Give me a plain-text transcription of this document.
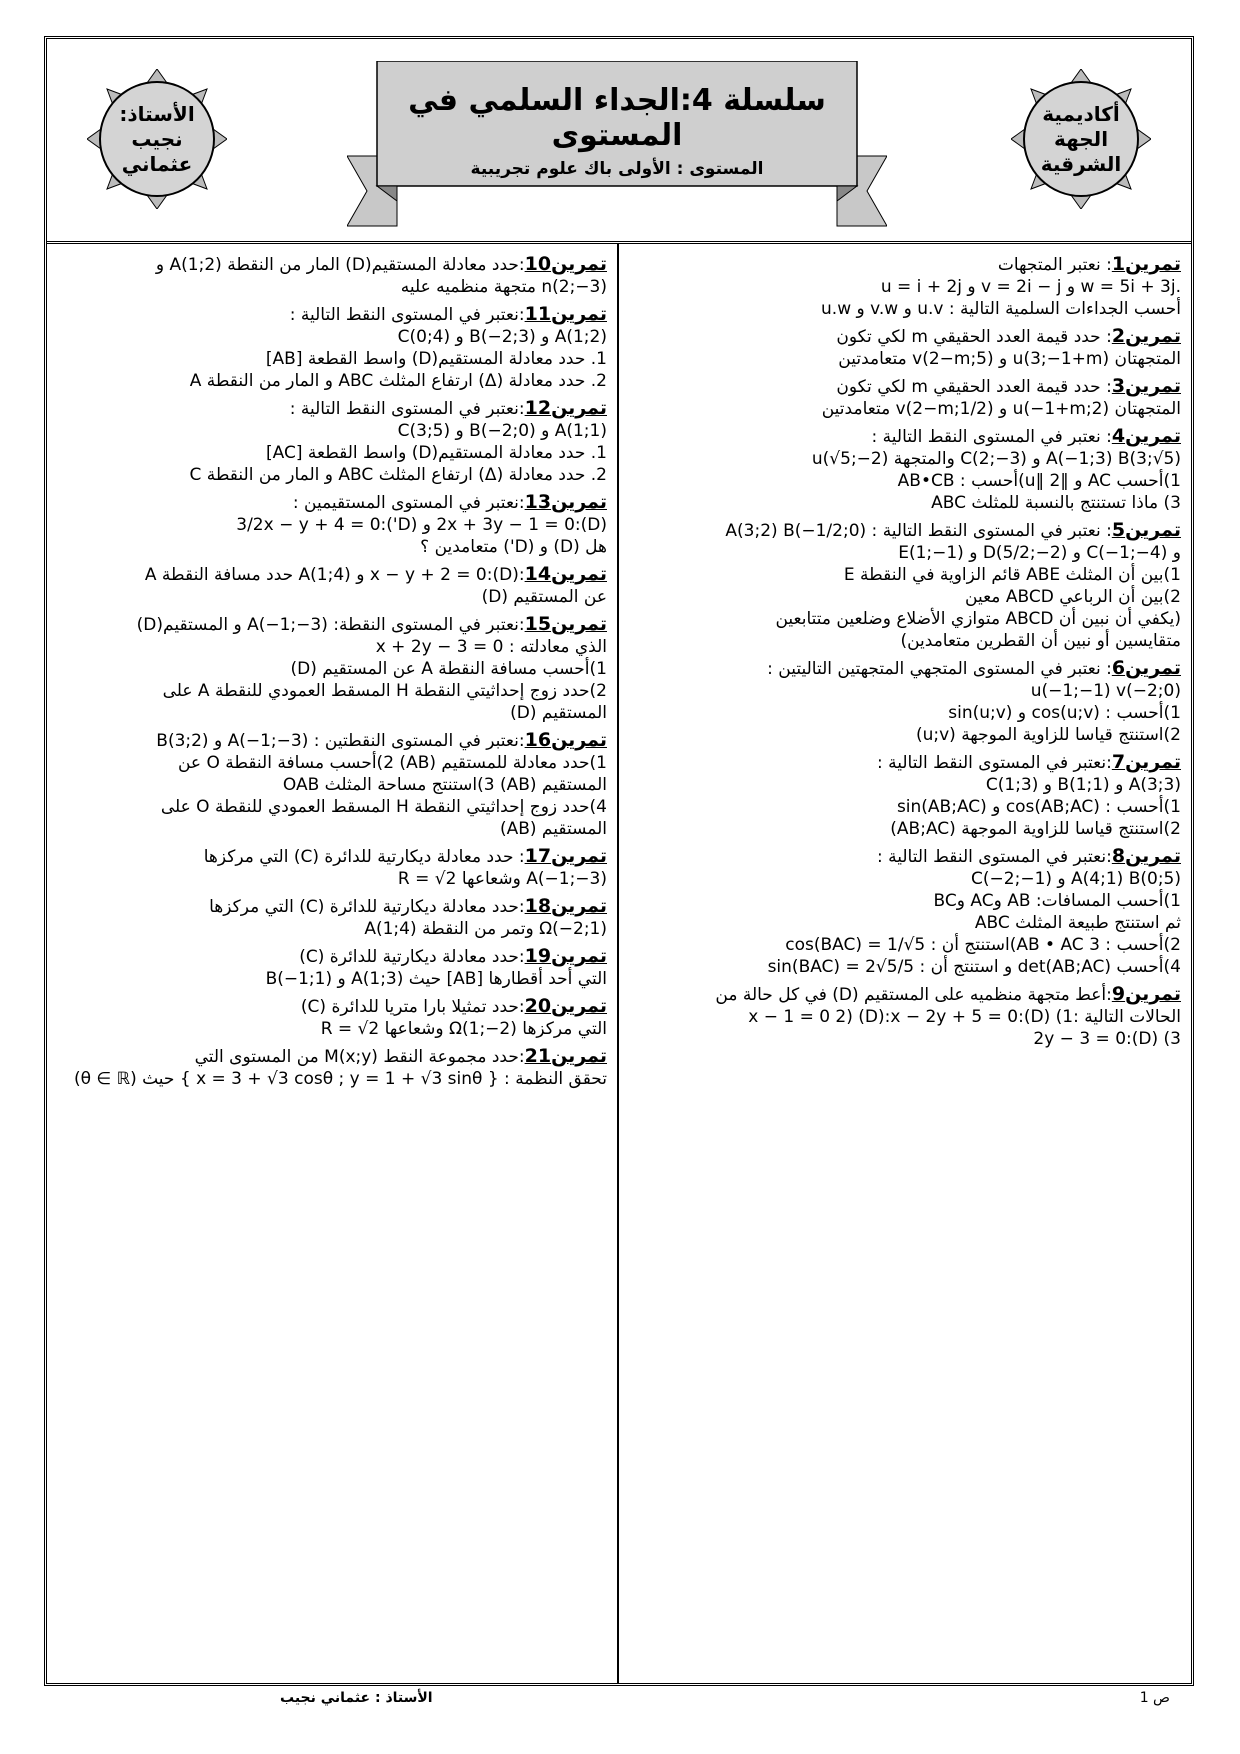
أكاديمية الجهة الشرقية
الأستاذ:
نجيب
عثماني
سلسلة 4:الجداء السلمي في المستوى
المستوى : الأولى باك علوم تجريبية
تمرين1: نعتبر المتجهات
.w = 5i + 3j و v = 2i − j و u = i + 2j
أحسب الجداءات السلمية التالية : u.v و v.w و u.w
تمرين2: حدد قيمة العدد الحقيقي m لكي تكون
المتجهتان u(3;−1+m) و v(2−m;5) متعامدتين
تمرين3: حدد قيمة العدد الحقيقي m لكي تكون
المتجهتان u(−1+m;2) و v(2−m;1/2) متعامدتين
تمرين4: نعتبر في المستوى النقط التالية :
A(−1;3) B(3;√5) و C(2;−3) والمتجهة u(√5;−2)
1)أحسب AC و ‖u‖ 2)أحسب : AB•CB
3) ماذا تستنتج بالنسبة للمثلث ABC
تمرين5: نعتبر في المستوى النقط التالية : A(3;2) B(−1/2;0)
و C(−1;−4) و D(5/2;−2) و E(1;−1)
1)بين أن المثلث ABE قائم الزاوية في النقطة E
2)بين أن الرباعي ABCD معين
(يكفي أن نبين أن ABCD متوازي الأضلاع وضلعين متتابعين
متقايسين أو نبين أن القطرين متعامدين)
تمرين6: نعتبر في المستوى المتجهي المتجهتين التاليتين :
u(−1;−1) v(−2;0)
1)أحسب : cos(u;v) و sin(u;v)
2)استنتج قياسا للزاوية الموجهة (u;v)
تمرين7:نعتبر في المستوى النقط التالية :
A(3;3) و B(1;1) و C(1;3)
1)أحسب : cos(AB;AC) و sin(AB;AC)
2)استنتج قياسا للزاوية الموجهة (AB;AC)
تمرين8:نعتبر في المستوى النقط التالية :
A(4;1) B(0;5) و C(−2;−1)
1)أحسب المسافات: AB وAC وBC
ثم استنتج طبيعة المثلث ABC
2)أحسب : AB • AC 3)استنتج أن : cos(BAC) = 1/√5
4)أحسب det(AB;AC) و استنتج أن : sin(BAC) = 2√5/5
تمرين9:أعط متجهة منظميه على المستقيم (D) في كل حالة من
الحالات التالية :1) (D):x − 1 = 0 2) (D):x − 2y + 5 = 0
3) (D):2y − 3 = 0
تمرين10:حدد معادلة المستقيم(D) المار من النقطة A(1;2) و
n(2;−3) متجهة منظميه عليه
تمرين11:نعتبر في المستوى النقط التالية :
A(1;2) و B(−2;3) و C(0;4)
1. حدد معادلة المستقيم(D) واسط القطعة [AB]
2. حدد معادلة (Δ) ارتفاع المثلث ABC و المار من النقطة A
تمرين12:نعتبر في المستوى النقط التالية :
A(1;1) و B(−2;0) و C(3;5)
1. حدد معادلة المستقيم(D) واسط القطعة [AC]
2. حدد معادلة (Δ) ارتفاع المثلث ABC و المار من النقطة C
تمرين13:نعتبر في المستوى المستقيمين :
(D):2x + 3y − 1 = 0 و (D'):3/2x − y + 4 = 0
هل (D) و (D') متعامدين ؟
تمرين14:(D):x − y + 2 = 0 و A(1;4) حدد مسافة النقطة A
عن المستقيم (D)
تمرين15:نعتبر في المستوى النقطة: A(−1;−3) و المستقيم(D)
الذي معادلته : x + 2y − 3 = 0
1)أحسب مسافة النقطة A عن المستقيم (D)
2)حدد زوج إحداثيتي النقطة H المسقط العمودي للنقطة A على
المستقيم (D)
تمرين16:نعتبر في المستوى النقطتين : A(−1;−3) و B(3;2)
1)حدد معادلة للمستقيم (AB) 2)أحسب مسافة النقطة O عن
المستقيم (AB) 3)استنتج مساحة المثلث OAB
4)حدد زوج إحداثيتي النقطة H المسقط العمودي للنقطة O على
المستقيم (AB)
تمرين17: حدد معادلة ديكارتية للدائرة (C) التي مركزها
A(−1;−3) وشعاعها R = √2
تمرين18:حدد معادلة ديكارتية للدائرة (C) التي مركزها
Ω(−2;1) وتمر من النقطة A(1;4)
تمرين19:حدد معادلة ديكارتية للدائرة (C)
التي أحد أقطارها [AB] حيث A(1;3) و B(−1;1)
تمرين20:حدد تمثيلا بارا متريا للدائرة (C)
التي مركزها Ω(1;−2) وشعاعها R = √2
تمرين21:حدد مجموعة النقط M(x;y) من المستوى التي
تحقق النظمة : { x = 3 + √3 cosθ ; y = 1 + √3 sinθ } حيث (θ ∈ ℝ)
الأستاذ : عثماني نجيب	ص 1
